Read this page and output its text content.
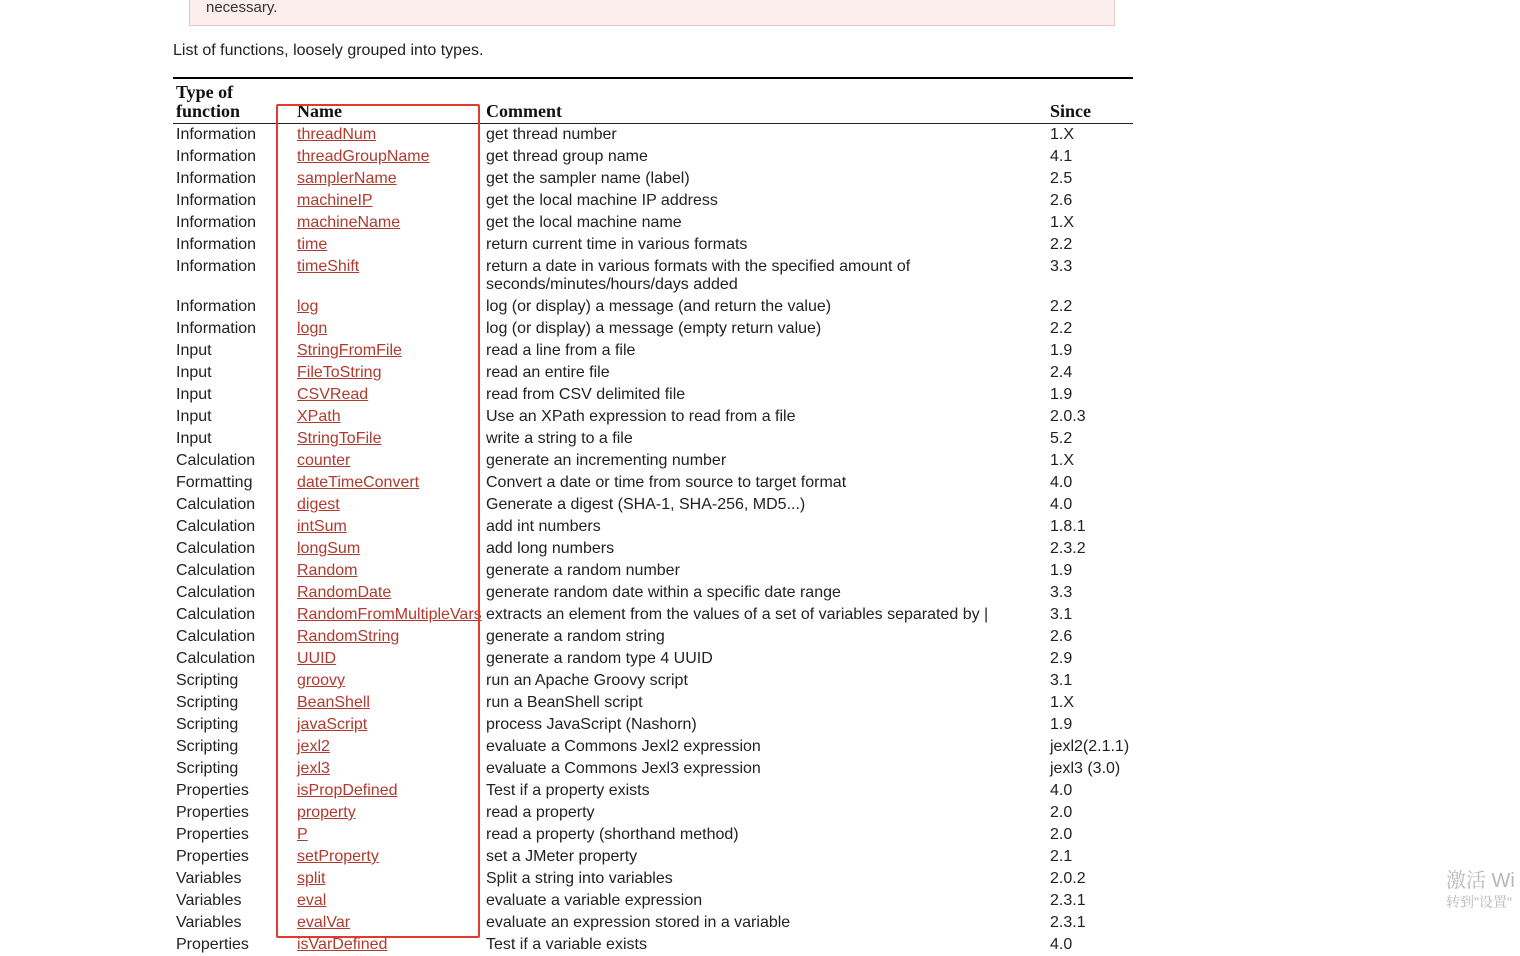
necessary.
List of functions, loosely grouped into types.
Type of function	Name	Comment	Since
Information	threadNum	get thread number	1.X
Information	threadGroupName	get thread group name	4.1
Information	samplerName	get the sampler name (label)	2.5
Information	machineIP	get the local machine IP address	2.6
Information	machineName	get the local machine name	1.X
Information	time	return current time in various formats	2.2
Information	timeShift	return a date in various formats with the specified amount of seconds/minutes/hours/days added	3.3
Information	log	log (or display) a message (and return the value)	2.2
Information	logn	log (or display) a message (empty return value)	2.2
Input	StringFromFile	read a line from a file	1.9
Input	FileToString	read an entire file	2.4
Input	CSVRead	read from CSV delimited file	1.9
Input	XPath	Use an XPath expression to read from a file	2.0.3
Input	StringToFile	write a string to a file	5.2
Calculation	counter	generate an incrementing number	1.X
Formatting	dateTimeConvert	Convert a date or time from source to target format	4.0
Calculation	digest	Generate a digest (SHA-1, SHA-256, MD5...)	4.0
Calculation	intSum	add int numbers	1.8.1
Calculation	longSum	add long numbers	2.3.2
Calculation	Random	generate a random number	1.9
Calculation	RandomDate	generate random date within a specific date range	3.3
Calculation	RandomFromMultipleVars	extracts an element from the values of a set of variables separated by |	3.1
Calculation	RandomString	generate a random string	2.6
Calculation	UUID	generate a random type 4 UUID	2.9
Scripting	groovy	run an Apache Groovy script	3.1
Scripting	BeanShell	run a BeanShell script	1.X
Scripting	javaScript	process JavaScript (Nashorn)	1.9
Scripting	jexl2	evaluate a Commons Jexl2 expression	jexl2(2.1.1)
Scripting	jexl3	evaluate a Commons Jexl3 expression	jexl3 (3.0)
Properties	isPropDefined	Test if a property exists	4.0
Properties	property	read a property	2.0
Properties	P	read a property (shorthand method)	2.0
Properties	setProperty	set a JMeter property	2.1
Variables	split	Split a string into variables	2.0.2
Variables	eval	evaluate a variable expression	2.3.1
Variables	evalVar	evaluate an expression stored in a variable	2.3.1
Properties	isVarDefined	Test if a variable exists	4.0
激活 Wi
转到"设置"
